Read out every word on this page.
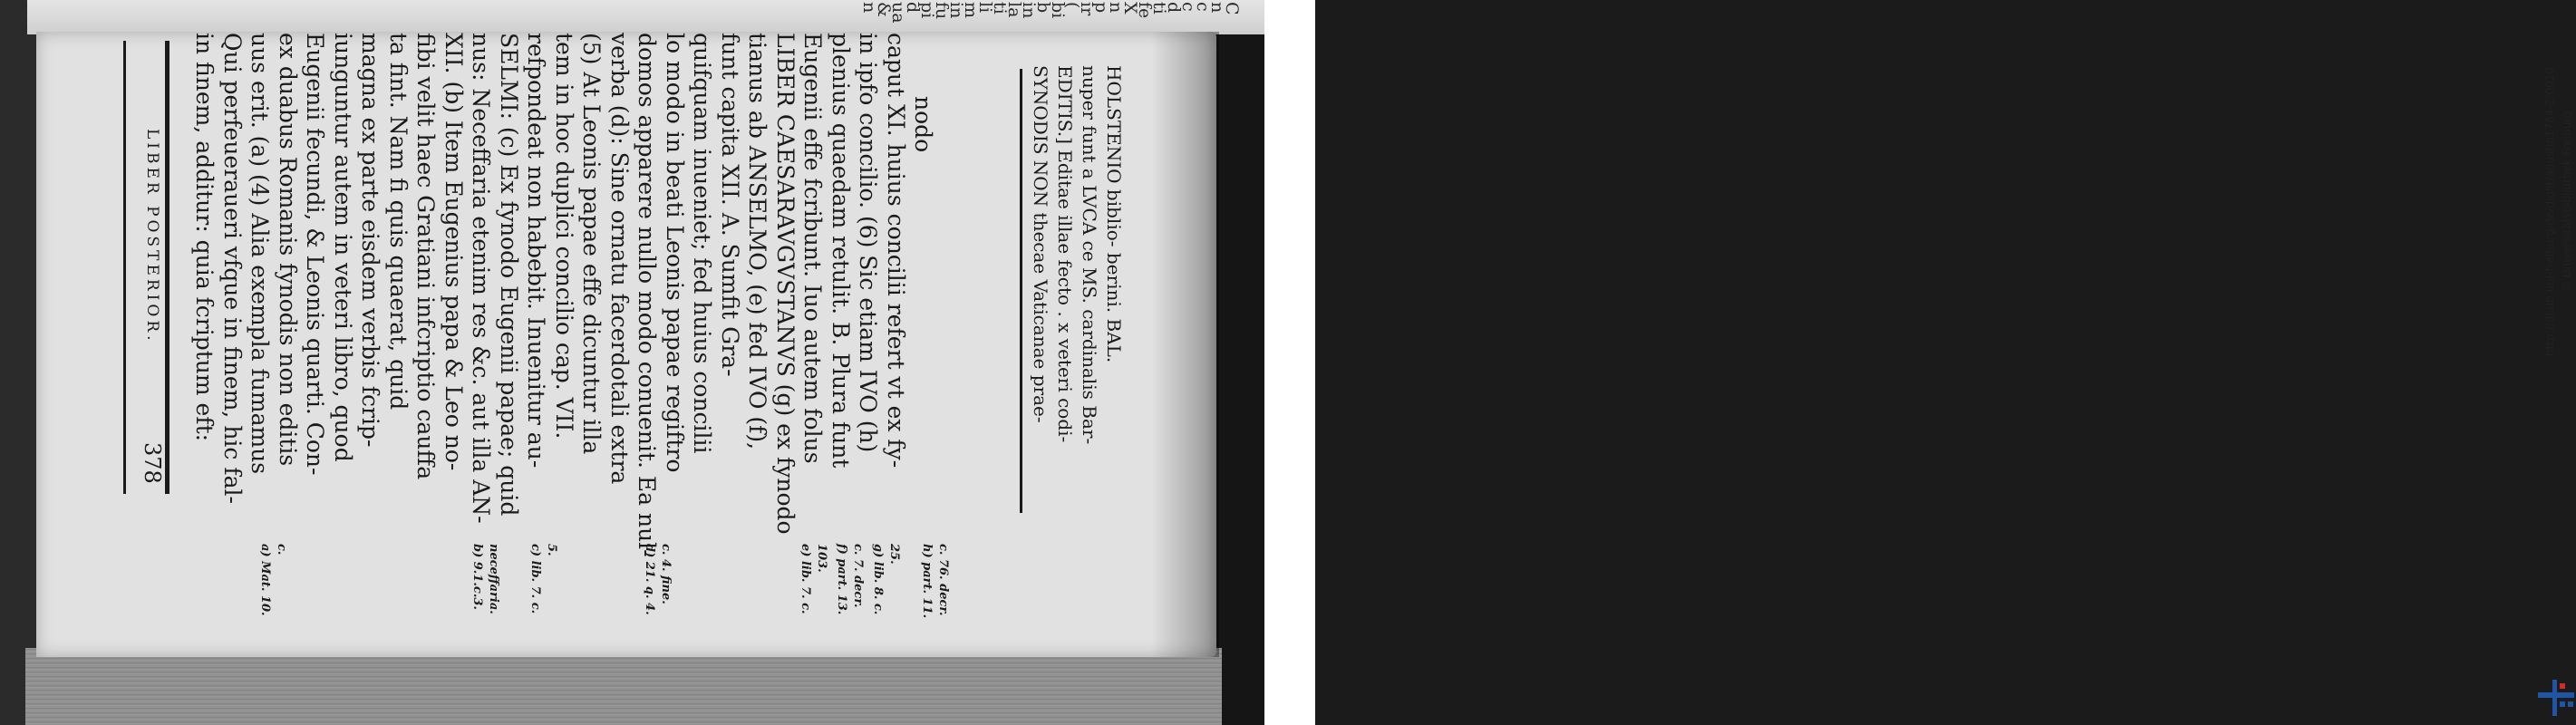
n
&
ua
d
pi
fu
in
m
li
ti
la
in
b
bi
(
ir
p
n
X
fe
ti
d
c
c
n
C
LIBER POSTERIOR.
378
in finem, additur: quia fcriptum eft: Qui perfeueraueri vfque in finem, hic fal- uus erit. (a) (4) Alia exempla fumamus ex duabus Romanis fynodis non editis Eugenii fecundi, & Leonis quarti. Con- iunguntur autem in veteri libro, quod magna ex parte eisdem verbis fcrip- ta fint. Nam fi quis quaerat, quid fibi velit haec Gratiani infcriptio cauffa XII. (b) Item Eugenius papa & Leo no- nus: Neceffaria etenim res &c. aut illa AN- SELMI: (c) Ex fynodo Eugenii papae; quid refpondeat non habebit. Inuenitur au- tem in hoc duplici concilio cap. VII. (5) At Leonis papae effe dicuntur illa verba (d): Sine ornatu facerdotali extra domos apparere nullo modo conuenit. Ea nul- lo modo in beati Leonis papae regiftro quifquam inueniet; fed huius concilii funt capita XII. A. Sumfit Gra- tianus ab ANSELMO, (e) fed IVO (f), LIBER CAESARAVGVSTANVS (g) ex fynodo Eugenii effe fcribunt. Iuo autem folus plenius quaedam retulit. B. Plura funt in ipfo concilio. (6) Sic etiam IVO (h) caput XI. huius concilii refert vt ex fy- nodo
a) Mat. 10. c.	b) 9.1.c.3. neceffaria. c) lib. 7. c. 5.	d) 21. q. 4. c. 4. fine.	e) lib. 7. c. 103. f) part. 13. c. 7. decr. g) lib. 8. c. 25. h) part. 11. c. 76. decr.
SYNODIS NON thecae Vaticanae prae- EDITIS.] Editae illae fecto . x veteri codi- nuper funt a LVCA ce MS. cardinalis Bar- HOLSTENIO biblio- berini. BAL.	http://dl.ub.uni-freiburg.de/diglit/agustin1764-2/0010 © Universitätsbibliothek Freiburg
